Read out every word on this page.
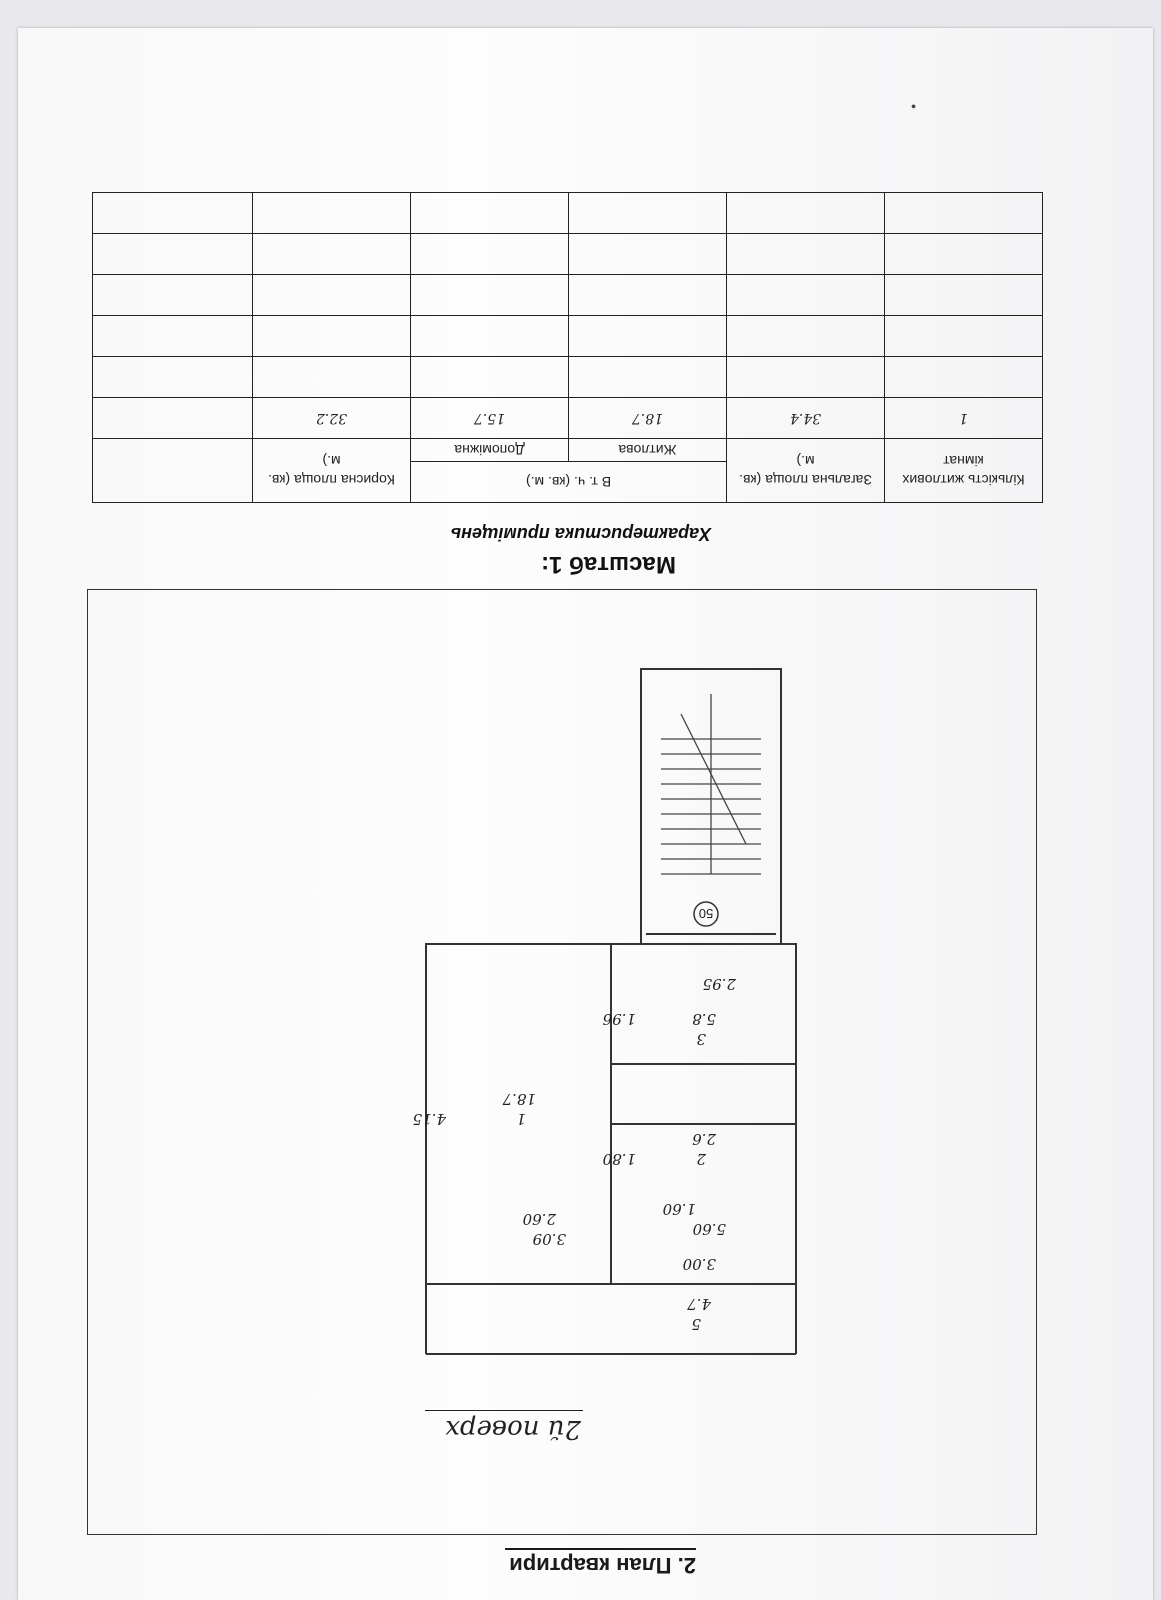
2. План квартири
50
1
18.7
2.60
4.15
3.09
2
2.6
1.80
1.60
3
5.8
2.95
1.96
5
4.7
5.60
3.00
2й поверх
Масштаб 1:
Характеристика приміщень
Кількість житлових кімнат	Загальна площа (кв. м.)	В т. ч. (кв. м.)		Корисна площа (кв. м.)	
		Житлова	Допоміжна		
1	34.4	18.7	15.7	32.2	

•
